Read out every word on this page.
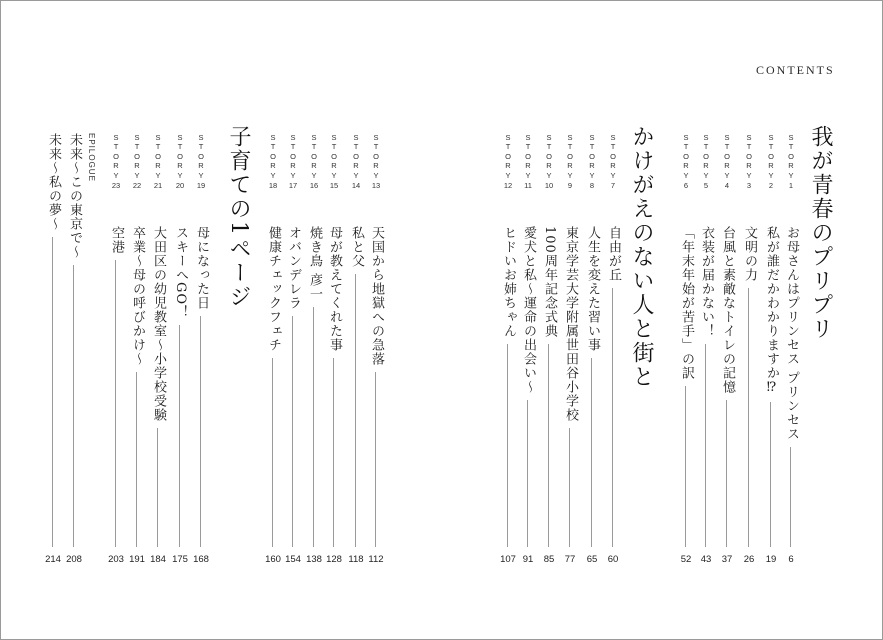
CONTENTS
我が青春のプリプリ
かけがえのない人と街と
子育ての1ページ	S
T
O
R
Y
1
お母さんはプリンセス プリンセス
6
S
T
O
R
Y
2
私が誰だかわかりますか⁉
19
S
T
O
R
Y
3
文明の力
26
S
T
O
R
Y
4
台風と素敵なトイレの記憶
37
S
T
O
R
Y
5
衣装が届かない！
43
S
T
O
R
Y
6
「年末年始が苦手」の訳
52
S
T
O
R
Y
7
自由が丘
60
S
T
O
R
Y
8
人生を変えた習い事
65
S
T
O
R
Y
9
東京学芸大学附属世田谷小学校
77
S
T
O
R
Y
10
100周年記念式典
85
S
T
O
R
Y
11
愛犬と私〜運命の出会い〜
91
S
T
O
R
Y
12
ヒドいお姉ちゃん
107
S
T
O
R
Y
13
天国から地獄への急落
112
S
T
O
R
Y
14
私と父
118
S
T
O
R
Y
15
母が教えてくれた事
128
S
T
O
R
Y
16
焼き鳥 彦一
138
S
T
O
R
Y
17
オバンデレラ
154
S
T
O
R
Y
18
健康チェックフェチ
160
S
T
O
R
Y
19
母になった日
168
S
T
O
R
Y
20
スキーへGO！
175
S
T
O
R
Y
21
大田区の幼児教室〜小学校受験
184
S
T
O
R
Y
22
卒業〜母の呼びかけ〜
191
S
T
O
R
Y
23
空港
203
EPILOGUE
未来〜この東京で〜
208
未来〜私の夢〜
214
